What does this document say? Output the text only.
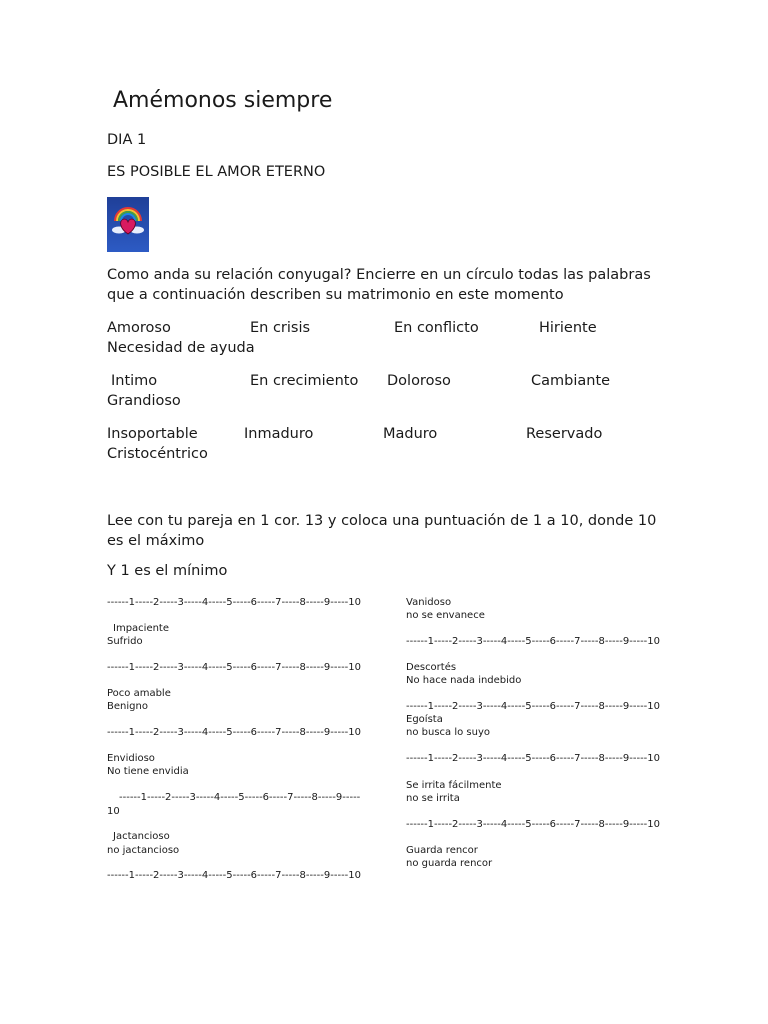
Amémonos siempre
DIA 1
ES POSIBLE EL AMOR ETERNO
Como anda su relación conyugal? Encierre en un círculo todas las palabras que a continuación describen su matrimonio en este momento
Amoroso	En crisis	En conflicto	Hiriente
Necesidad de ayuda
Intimo	En crecimiento Doloroso	Cambiante
Grandioso
Insoportable	Inmaduro	Maduro	Reservado
Cristocéntrico
Lee con tu pareja en 1 cor. 13 y coloca una puntuación de 1 a 10, donde 10 es el máximo
Y 1 es el mínimo
------1-----2-----3-----4-----5-----6-----7-----8-----9-----10
Impaciente
Sufrido
------1-----2-----3-----4-----5-----6-----7-----8-----9-----10
Poco amable
Benigno
------1-----2-----3-----4-----5-----6-----7-----8-----9-----10
Envidioso
No tiene envidia
------1-----2-----3-----4-----5-----6-----7-----8-----9-----
10
Jactancioso
no jactancioso
------1-----2-----3-----4-----5-----6-----7-----8-----9-----10
Vanidoso
no se envanece
------1-----2-----3-----4-----5-----6-----7-----8-----9-----10
Descortés
No hace nada indebido
------1-----2-----3-----4-----5-----6-----7-----8-----9-----10
Egoísta
no busca lo suyo
------1-----2-----3-----4-----5-----6-----7-----8-----9-----10
Se irrita fácilmente
no se irrita
------1-----2-----3-----4-----5-----6-----7-----8-----9-----10
Guarda rencor
no guarda rencor
